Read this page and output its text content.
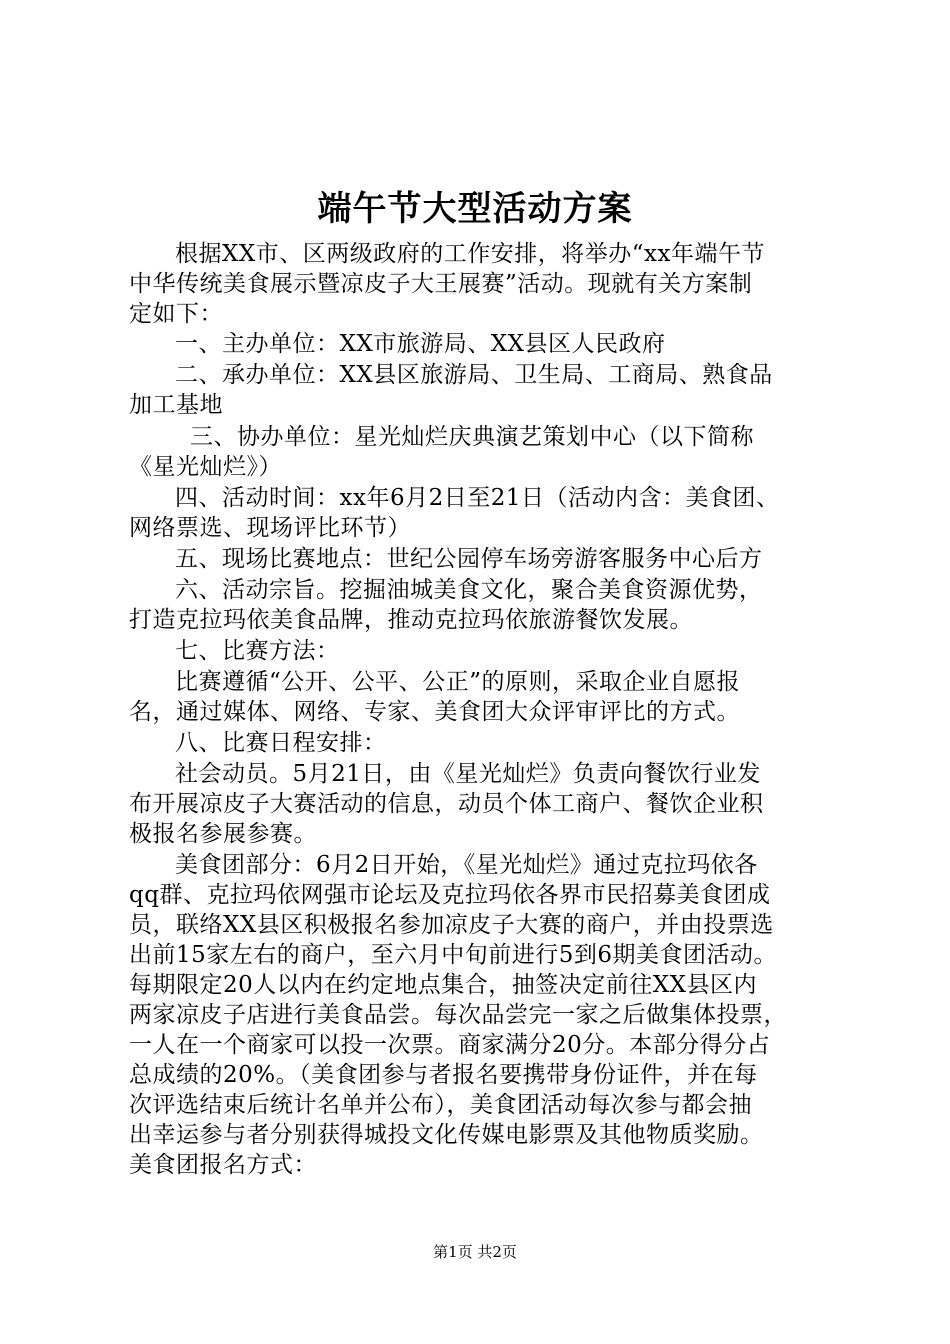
端午节大型活动方案
根据XX市、区两级政府的工作安排，将举办“xx年端午节
中华传统美食展示暨凉皮子大王展赛”活动。现就有关方案制
定如下：
一、主办单位：XX市旅游局、XX县区人民政府
二、承办单位：XX县区旅游局、卫生局、工商局、熟食品
加工基地
三、协办单位：星光灿烂庆典演艺策划中心（以下简称
《星光灿烂》）
四、活动时间：xx年6月2日至21日（活动内含：美食团、
网络票选、现场评比环节）
五、现场比赛地点：世纪公园停车场旁游客服务中心后方
六、活动宗旨。挖掘油城美食文化，聚合美食资源优势，
打造克拉玛依美食品牌，推动克拉玛依旅游餐饮发展。
七、比赛方法：
比赛遵循“公开、公平、公正”的原则，采取企业自愿报
名，通过媒体、网络、专家、美食团大众评审评比的方式。
八、比赛日程安排：
社会动员。5月21日，由《星光灿烂》负责向餐饮行业发
布开展凉皮子大赛活动的信息，动员个体工商户、餐饮企业积
极报名参展参赛。
美食团部分：6月2日开始，《星光灿烂》通过克拉玛依各
qq群、克拉玛依网强市论坛及克拉玛依各界市民招募美食团成
员，联络XX县区积极报名参加凉皮子大赛的商户，并由投票选
出前15家左右的商户，至六月中旬前进行5到6期美食团活动。
每期限定20人以内在约定地点集合，抽签决定前往XX县区内
两家凉皮子店进行美食品尝。每次品尝完一家之后做集体投票，
一人在一个商家可以投一次票。商家满分20分。本部分得分占
总成绩的20%。（美食团参与者报名要携带身份证件，并在每
次评选结束后统计名单并公布），美食团活动每次参与都会抽
出幸运参与者分别获得城投文化传媒电影票及其他物质奖励。
美食团报名方式：
第1页 共2页
